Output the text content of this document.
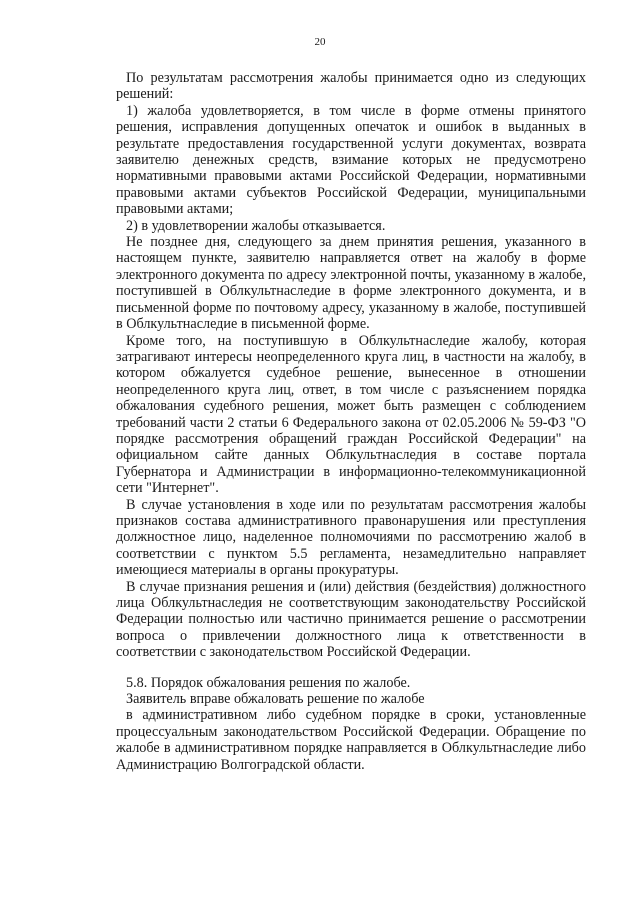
20

По результатам рассмотрения жалобы принимается одно из следующих решений:

1) жалоба удовлетворяется, в том числе в форме отмены принятого решения, исправления допущенных опечаток и ошибок в выданных в результате предоставления государственной услуги документах, возврата заявителю денежных средств, взимание которых не предусмотрено нормативными правовыми актами Российской Федерации, нормативными правовыми актами субъектов Российской Федерации, муниципальными правовыми актами;

2) в удовлетворении жалобы отказывается.

Не позднее дня, следующего за днем принятия решения, указанного в настоящем пункте, заявителю направляется ответ на жалобу в форме электронного документа по адресу электронной почты, указанному в жалобе, поступившей в Облкультнаследие в форме электронного документа, и в письменной форме по почтовому адресу, указанному в жалобе, поступившей в Облкультнаследие в письменной форме.

Кроме того, на поступившую в Облкультнаследие жалобу, которая затрагивают интересы неопределенного круга лиц, в частности на жалобу, в котором обжалуется судебное решение, вынесенное в отношении неопределенного круга лиц, ответ, в том числе с разъяснением порядка обжалования судебного решения, может быть размещен с соблюдением требований части 2 статьи 6 Федерального закона от 02.05.2006 № 59-ФЗ "О порядке рассмотрения обращений граждан Российской Федерации" на официальном сайте данных Облкультнаследия в составе портала Губернатора и Администрации в информационно-телекоммуникационной сети "Интернет".

В случае установления в ходе или по результатам рассмотрения жалобы признаков состава административного правонарушения или преступления должностное лицо, наделенное полномочиями по рассмотрению жалоб в соответствии с пунктом 5.5 регламента, незамедлительно направляет имеющиеся материалы в органы прокуратуры.

В случае признания решения и (или) действия (бездействия) должностного лица Облкультнаследия не соответствующим законодательству Российской Федерации полностью или частично принимается решение о рассмотрении вопроса о привлечении должностного лица к ответственности в соответствии с законодательством Российской Федерации.

5.8. Порядок обжалования решения по жалобе.

Заявитель вправе обжаловать решение по жалобе

в административном либо судебном порядке в сроки, установленные процессуальным законодательством Российской Федерации. Обращение по жалобе в административном порядке направляется в Облкультнаследие либо Администрацию Волгоградской области.
